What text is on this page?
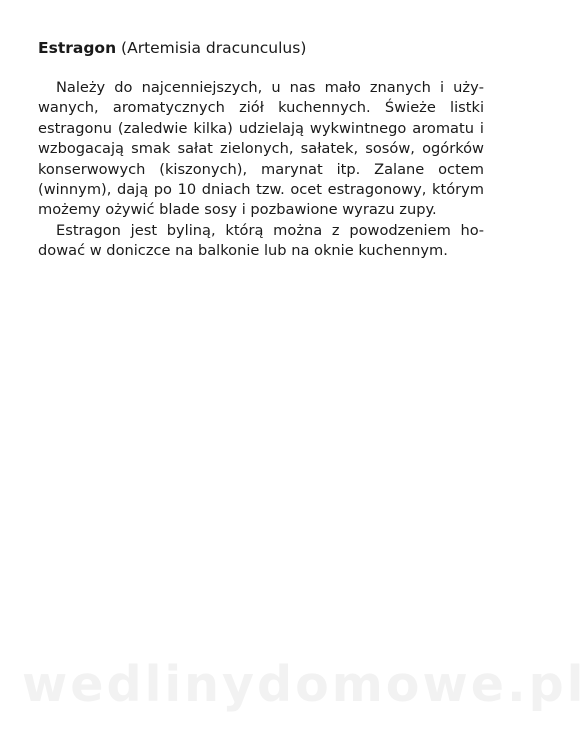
Estragon (Artemisia dracunculus)

Należy do najcenniejszych, u nas mało znanych i używanych, aromatycznych ziół kuchennych. Świeże listki estragonu (zaledwie kilka) udzielają wykwintnego aromatu i wzbogacają smak sałat zielonych, sałatek, sosów, ogórków konserwowych (kiszonych), marynat itp. Zalane octem (winnym), dają po 10 dniach tzw. ocet estragonowy, którym możemy ożywić blade sosy i pozbawione wyrazu zupy.

Estragon jest byliną, którą można z powodzeniem hodować w doniczce na balkonie lub na oknie kuchennym.

wedlinydomowe.pl
